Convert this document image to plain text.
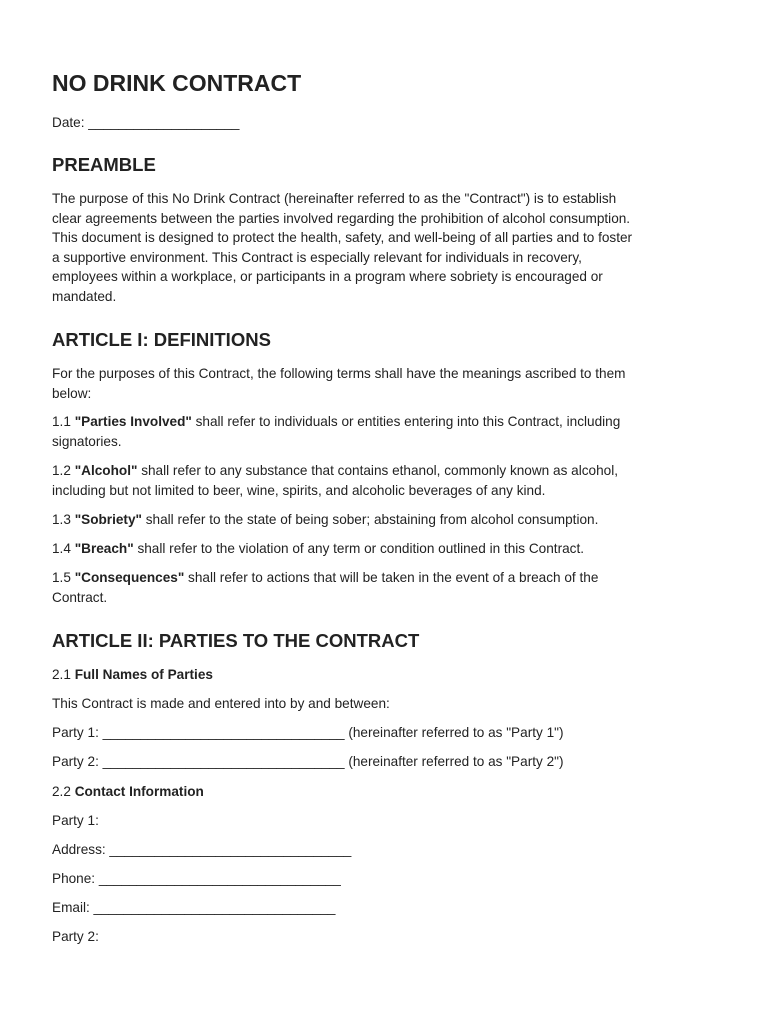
NO DRINK CONTRACT

Date: ____________________

PREAMBLE
The purpose of this No Drink Contract (hereinafter referred to as the "Contract") is to establish
clear agreements between the parties involved regarding the prohibition of alcohol consumption.
This document is designed to protect the health, safety, and well-being of all parties and to foster
a supportive environment. This Contract is especially relevant for individuals in recovery,
employees within a workplace, or participants in a program where sobriety is encouraged or
mandated.
ARTICLE I: DEFINITIONS
For the purposes of this Contract, the following terms shall have the meanings ascribed to them
below:
1.1 "Parties Involved" shall refer to individuals or entities entering into this Contract, including
signatories.
1.2 "Alcohol" shall refer to any substance that contains ethanol, commonly known as alcohol,
including but not limited to beer, wine, spirits, and alcoholic beverages of any kind.
1.3 "Sobriety" shall refer to the state of being sober; abstaining from alcohol consumption.
1.4 "Breach" shall refer to the violation of any term or condition outlined in this Contract.
1.5 "Consequences" shall refer to actions that will be taken in the event of a breach of the
Contract.
ARTICLE II: PARTIES TO THE CONTRACT

2.1 Full Names of Parties

This Contract is made and entered into by and between:

Party 1: ________________________________ (hereinafter referred to as "Party 1")

Party 2: ________________________________ (hereinafter referred to as "Party 2")

2.2 Contact Information

Party 1:

Address: ________________________________

Phone: ________________________________

Email: ________________________________

Party 2:
